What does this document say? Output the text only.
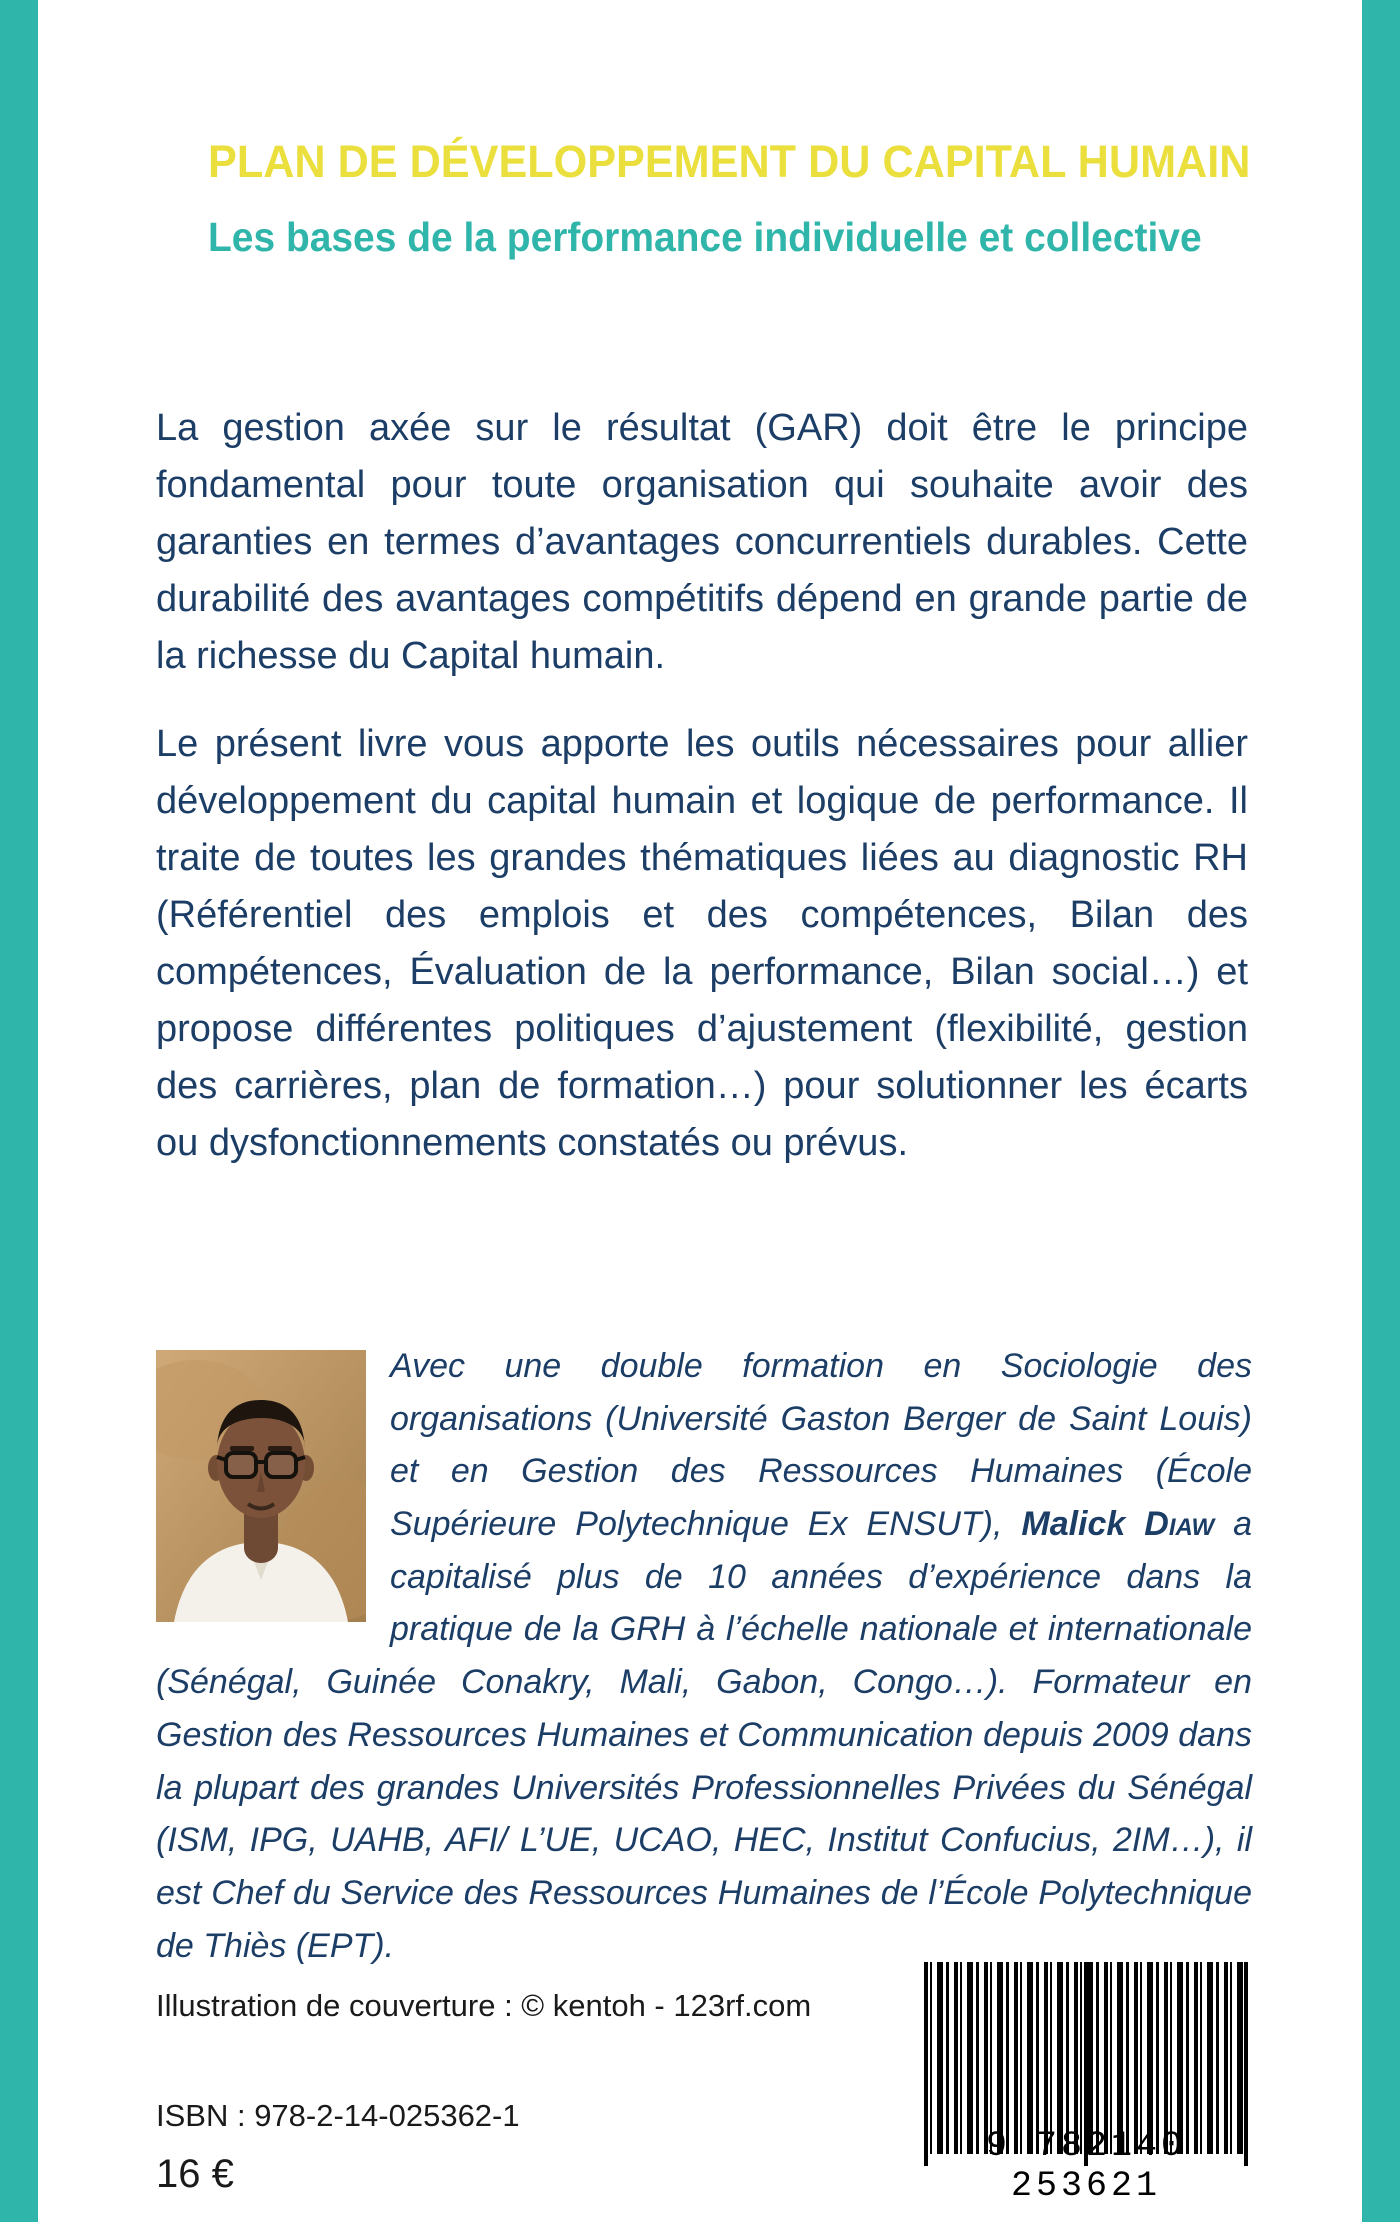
PLAN DE DÉVELOPPEMENT DU CAPITAL HUMAIN
Les bases de la performance individuelle et collective

La gestion axée sur le résultat (GAR) doit être le principe fondamental pour toute organisation qui souhaite avoir des garanties en termes d’avantages concurrentiels durables. Cette durabilité des avantages compétitifs dépend en grande partie de la richesse du Capital humain.

Le présent livre vous apporte les outils nécessaires pour allier développement du capital humain et logique de performance. Il traite de toutes les grandes thématiques liées au diagnostic RH (Référentiel des emplois et des compétences, Bilan des compétences, Évaluation de la performance, Bilan social…) et propose différentes politiques d’ajustement (flexibilité, gestion des carrières, plan de formation…) pour solutionner les écarts ou dysfonctionnements constatés ou prévus.

Avec une double formation en Sociologie des organisations (Université Gaston Berger de Saint Louis) et en Gestion des Ressources Humaines (École Supérieure Polytechnique Ex ENSUT), Malick Diaw a capitalisé plus de 10 années d’expérience dans la pratique de la GRH à l’échelle nationale et internationale (Sénégal, Guinée Conakry, Mali, Gabon, Congo…). Formateur en Gestion des Ressources Humaines et Communication depuis 2009 dans la plupart des grandes Universités Professionnelles Privées du Sénégal (ISM, IPG, UAHB, AFI/ L’UE, UCAO, HEC, Institut Confucius, 2IM…), il est Chef du Service des Ressources Humaines de l’École Polytechnique de Thiès (EPT).
Illustration de couverture : © kentoh - 123rf.com
ISBN : 978-2-14-025362-1
16 €
9 782140 253621
